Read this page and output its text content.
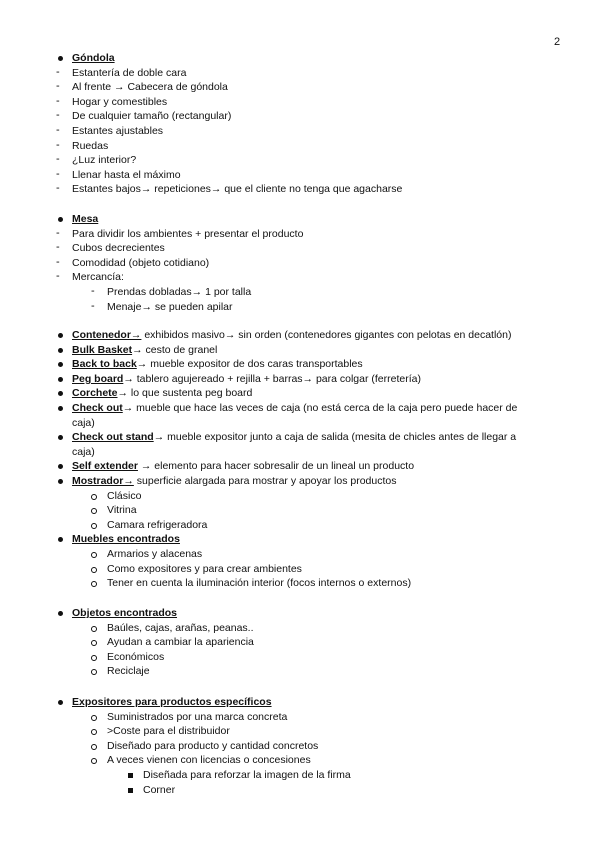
2
Góndola
- Estantería de doble cara
- Al frente → Cabecera de góndola
- Hogar y comestibles
- De cualquier tamaño (rectangular)
- Estantes ajustables
- Ruedas
- ¿Luz interior?
- Llenar hasta el máximo
- Estantes bajos→ repeticiones→ que el cliente no tenga que agacharse
Mesa
- Para dividir los ambientes + presentar el producto
- Cubos decrecientes
- Comodidad (objeto cotidiano)
- Mercancía:
- Prendas dobladas→ 1 por talla
- Menaje→ se pueden apilar
Contenedor→ exhibidos masivo→ sin orden (contenedores gigantes con pelotas en decatlón)
Bulk Basket→ cesto de granel
Back to back→ mueble expositor de dos caras transportables
Peg board→ tablero agujereado + rejilla + barras→ para colgar (ferretería)
Corchete→ lo que sustenta peg board
Check out→ mueble que hace las veces de caja (no está cerca de la caja pero puede hacer de
caja)
Check out stand→ mueble expositor junto a caja de salida (mesita de chicles antes de llegar a
caja)
Self extender → elemento para hacer sobresalir de un lineal un producto
Mostrador→ superficie alargada para mostrar y apoyar los productos
Clásico
Vitrina
Camara refrigeradora
Muebles encontrados
Armarios y alacenas
Como expositores y para crear ambientes
Tener en cuenta la iluminación interior (focos internos o externos)
Objetos encontrados
Baúles, cajas, arañas, peanas..
Ayudan a cambiar la apariencia
Económicos
Reciclaje
Expositores para productos específicos
Suministrados por una marca concreta
>Coste para el distribuidor
Diseñado para producto y cantidad concretos
A veces vienen con licencias o concesiones
Diseñada para reforzar la imagen de la firma
Corner
